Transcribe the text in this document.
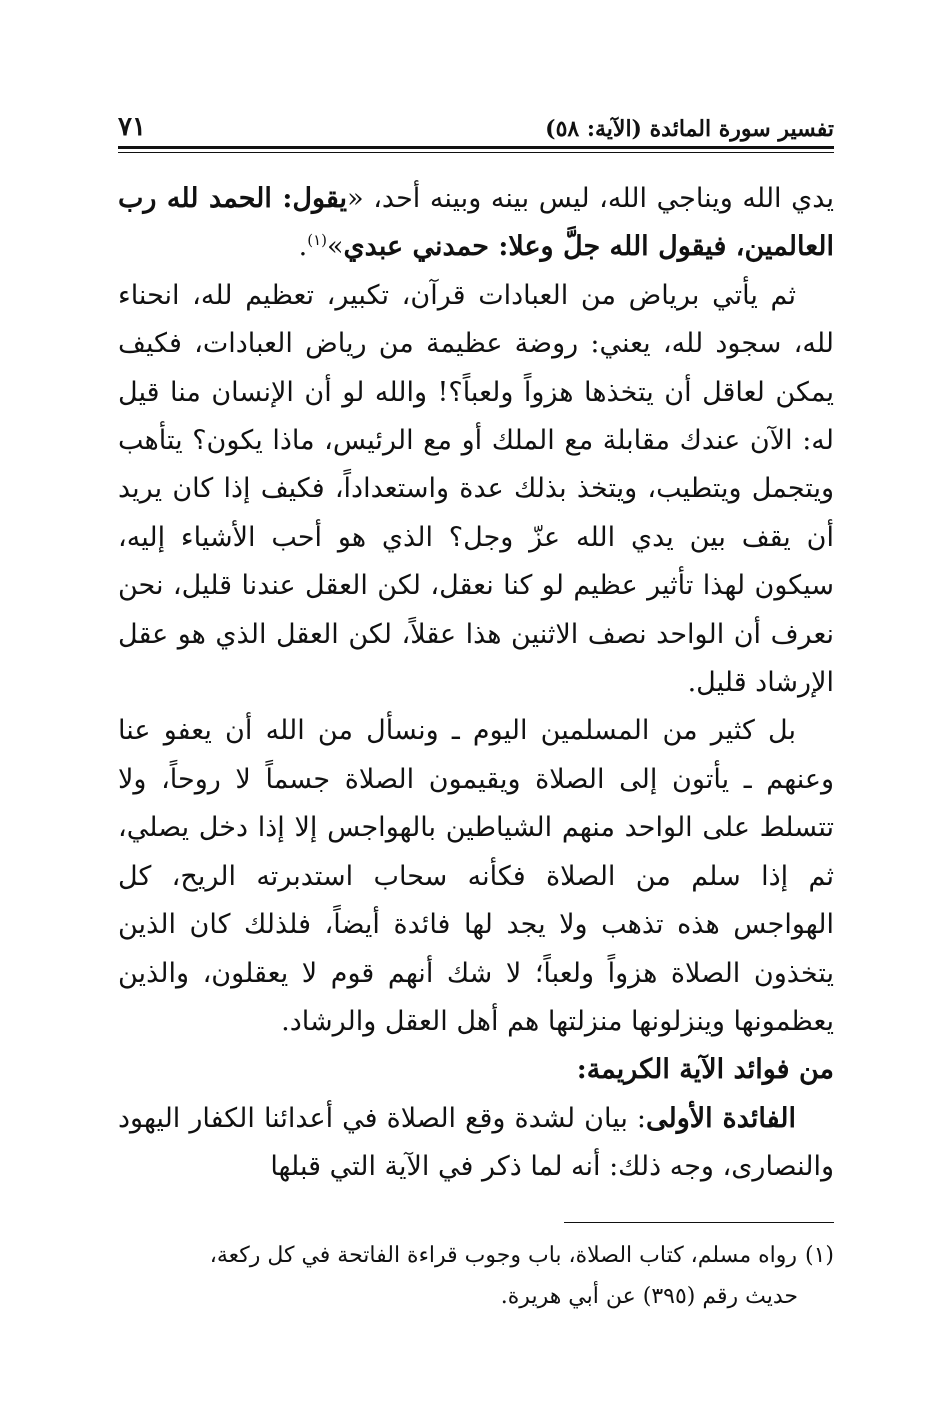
تفسير سورة المائدة (الآية: ٥٨)
٧١

يدي الله ويناجي الله، ليس بينه وبينه أحد، «يقول: الحمد لله رب العالمين، فيقول الله جلَّ وعلا: حمدني عبدي»$^{(١)}$.

ثم يأتي برياض من العبادات قرآن، تكبير، تعظيم لله، انحناء لله، سجود لله، يعني: روضة عظيمة من رياض العبادات، فكيف يمكن لعاقل أن يتخذها هزواً ولعباً؟! والله لو أن الإنسان منا قيل له: الآن عندك مقابلة مع الملك أو مع الرئيس، ماذا يكون؟ يتأهب ويتجمل ويتطيب، ويتخذ بذلك عدة واستعداداً، فكيف إذا كان يريد أن يقف بين يدي الله عزّ وجل؟ الذي هو أحب الأشياء إليه، سيكون لهذا تأثير عظيم لو كنا نعقل، لكن العقل عندنا قليل، نحن نعرف أن الواحد نصف الاثنين هذا عقلاً، لكن العقل الذي هو عقل الإرشاد قليل.

بل كثير من المسلمين اليوم ـ ونسأل من الله أن يعفو عنا وعنهم ـ يأتون إلى الصلاة ويقيمون الصلاة جسماً لا روحاً، ولا تتسلط على الواحد منهم الشياطين بالهواجس إلا إذا دخل يصلي، ثم إذا سلم من الصلاة فكأنه سحاب استدبرته الريح، كل الهواجس هذه تذهب ولا يجد لها فائدة أيضاً، فلذلك كان الذين يتخذون الصلاة هزواً ولعباً؛ لا شك أنهم قوم لا يعقلون، والذين يعظمونها وينزلونها منزلتها هم أهل العقل والرشاد.

من فوائد الآية الكريمة:

الفائدة الأولى: بيان لشدة وقع الصلاة في أعدائنا الكفار اليهود والنصارى، وجه ذلك: أنه لما ذكر في الآية التي قبلها

(١)رواه مسلم، كتاب الصلاة، باب وجوب قراءة الفاتحة في كل ركعة،
حديث رقم (٣٩٥) عن أبي هريرة.
